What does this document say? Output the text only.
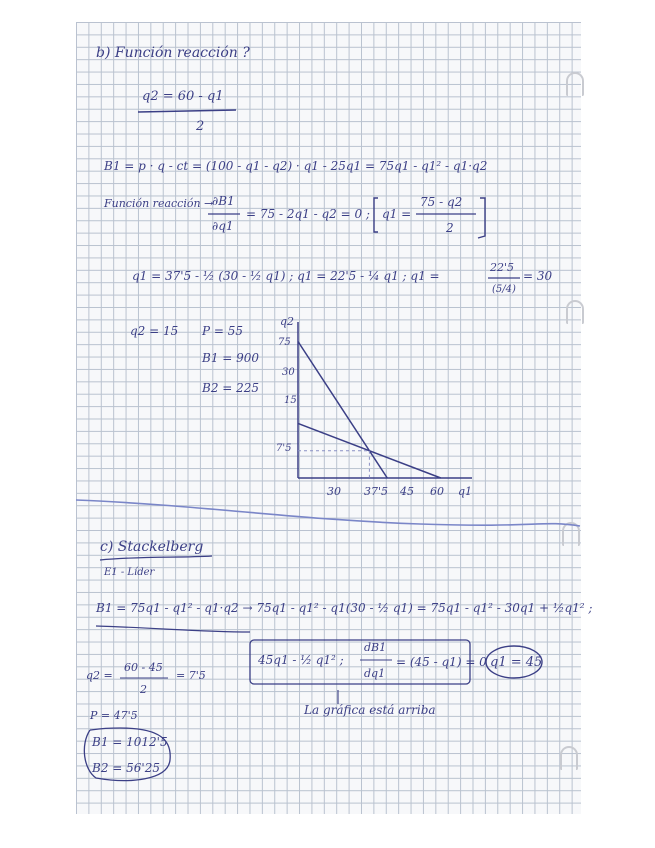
b) Función reacción ?
q2 = 60 - q1
2
B1 = p · q - ct = (100 - q1 - q2) · q1 - 25q1 = 75q1 - q1² - q1·q2
Función reacción →
∂B1
∂q1
= 75 - 2q1 - q2 = 0 ; q1 =
75 - q2
2
q1 = 37'5 - ½ (30 - ½ q1) ; q1 = 22'5 - ¼ q1 ; q1 =
22'5
(5/4)
= 30
q2 = 15 P = 55
B1 = 900
B2 = 225
q2
q1
75
30
15
7'5
30 37'5 45 60
c) Stackelberg
E1 - Líder
B1 = 75q1 - q1² - q1·q2 → 75q1 - q1² - q1(30 - ½ q1) = 75q1 - q1² - 30q1 + ½q1² ;
45q1 - ½ q1² ;
dB1
dq1
= (45 - q1) = 0 q1 = 45
q2 =
60 - 45
2
= 7'5
P = 47'5
B1 = 1012'5
B2 = 56'25
La gráfica está arriba
